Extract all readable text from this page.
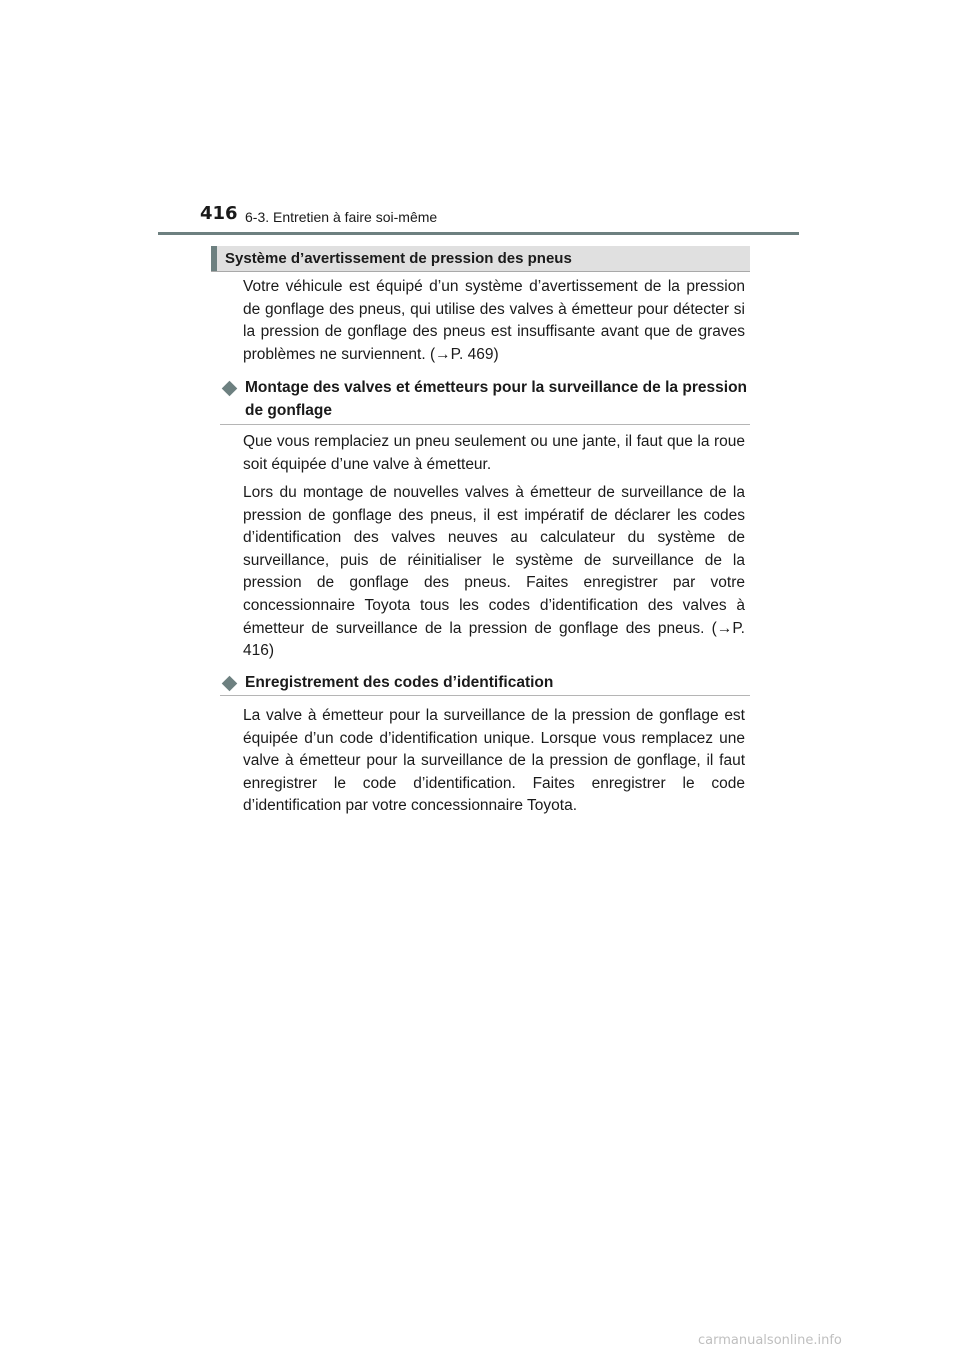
416 6-3. Entretien à faire soi-même
Système d’avertissement de pression des pneus

Votre véhicule est équipé d’un système d’avertissement de la pression de gonflage des pneus, qui utilise des valves à émetteur pour détecter si la pression de gonflage des pneus est insuffisante avant que de graves problèmes ne surviennent. (→P. 469)

Montage des valves et émetteurs pour la surveillance de la pression de gonflage

Que vous remplaciez un pneu seulement ou une jante, il faut que la roue soit équipée d’une valve à émetteur.

Lors du montage de nouvelles valves à émetteur de surveillance de la pression de gonflage des pneus, il est impératif de déclarer les codes d’identification des valves neuves au calculateur du système de surveillance, puis de réinitialiser le système de surveillance de la pression de gonflage des pneus. Faites enregistrer par votre concessionnaire Toyota tous les codes d’identification des valves à émetteur de surveillance de la pression de gonflage des pneus. (→P. 416)

Enregistrement des codes d’identification

La valve à émetteur pour la surveillance de la pression de gonflage est équipée d’un code d’identification unique. Lorsque vous remplacez une valve à émetteur pour la surveillance de la pression de gonflage, il faut enregistrer le code d’identification. Faites enregistrer le code d’identification par votre concessionnaire Toyota.

carmanualsonline.info
